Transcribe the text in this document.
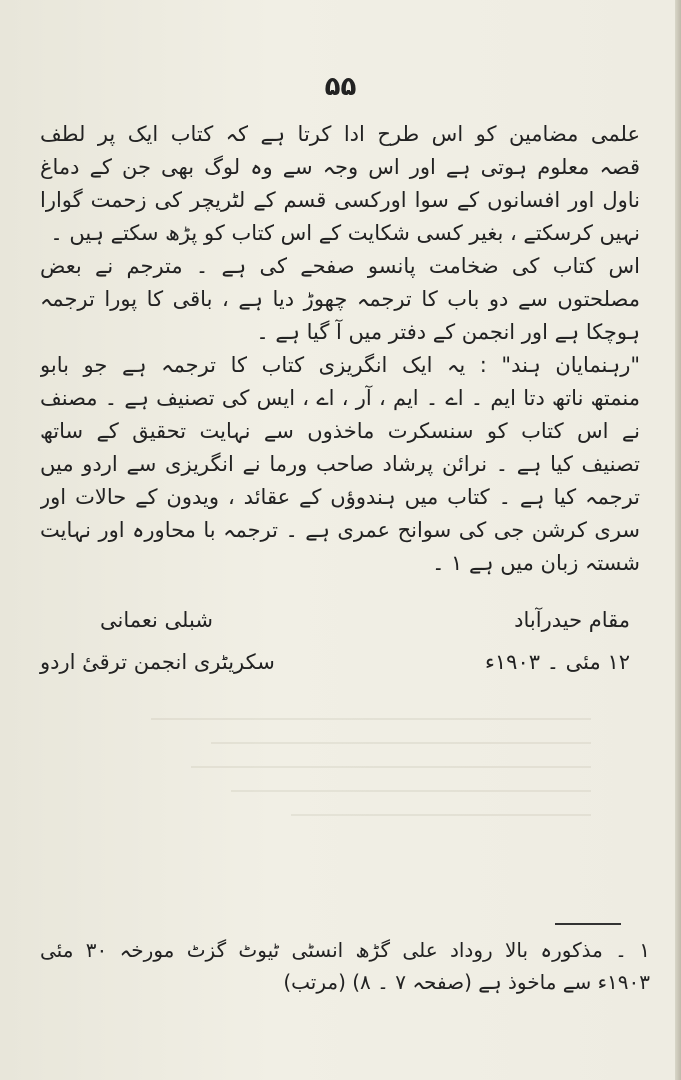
۵۵
علمی مضامین کو اس طرح ادا کرتا ہے کہ کتاب ایک پر لطف
قصہ معلوم ہوتی ہے اور اس وجہ سے وہ لوگ بھی جن کے دماغ
ناول اور افسانوں کے سوا اورکسی قسم کے لٹریچر کی زحمت گوارا
نہیں کرسکتے ، بغیر کسی شکایت کے اس کتاب کو پڑھ سکتے ہیں ۔
اس کتاب کی ضخامت پانسو صفحے کی ہے ۔ مترجم نے بعض
مصلحتوں سے دو باب کا ترجمہ چھوڑ دیا ہے ، باقی کا پورا ترجمہ
ہوچکا ہے اور انجمن کے دفتر میں آ گیا ہے ۔
"رہنمایان ہند" : یہ ایک انگریزی کتاب کا ترجمہ ہے جو بابو
منمتھ ناتھ دتا ایم ۔ اے ۔ ایم ، آر ، اے ، ایس کی تصنیف ہے ۔ مصنف
نے اس کتاب کو سنسکرت ماخذوں سے نہایت تحقیق کے ساتھ
تصنیف کیا ہے ۔ نرائن پرشاد صاحب ورما نے انگریزی سے اردو میں
ترجمہ کیا ہے ۔ کتاب میں ہندوؤں کے عقائد ، ویدون کے حالات اور
سری کرشن جی کی سوانح عمری ہے ۔ ترجمہ با محاورہ اور نہایت
شستہ زبان میں ہے ۱ ۔
مقام حیدرآباد
شبلی نعمانی
۱۲ مئی ۔ ۱۹۰۳ء
سکریٹری انجمن ترقیٔ اردو
۱ ۔ مذکورہ بالا روداد علی گڑھ انسٹی ٹیوٹ گزٹ مورخہ ۳۰ مئی
۱۹۰۳ء سے ماخوذ ہے (صفحہ ۷ ۔ ۸) (مرتب)
